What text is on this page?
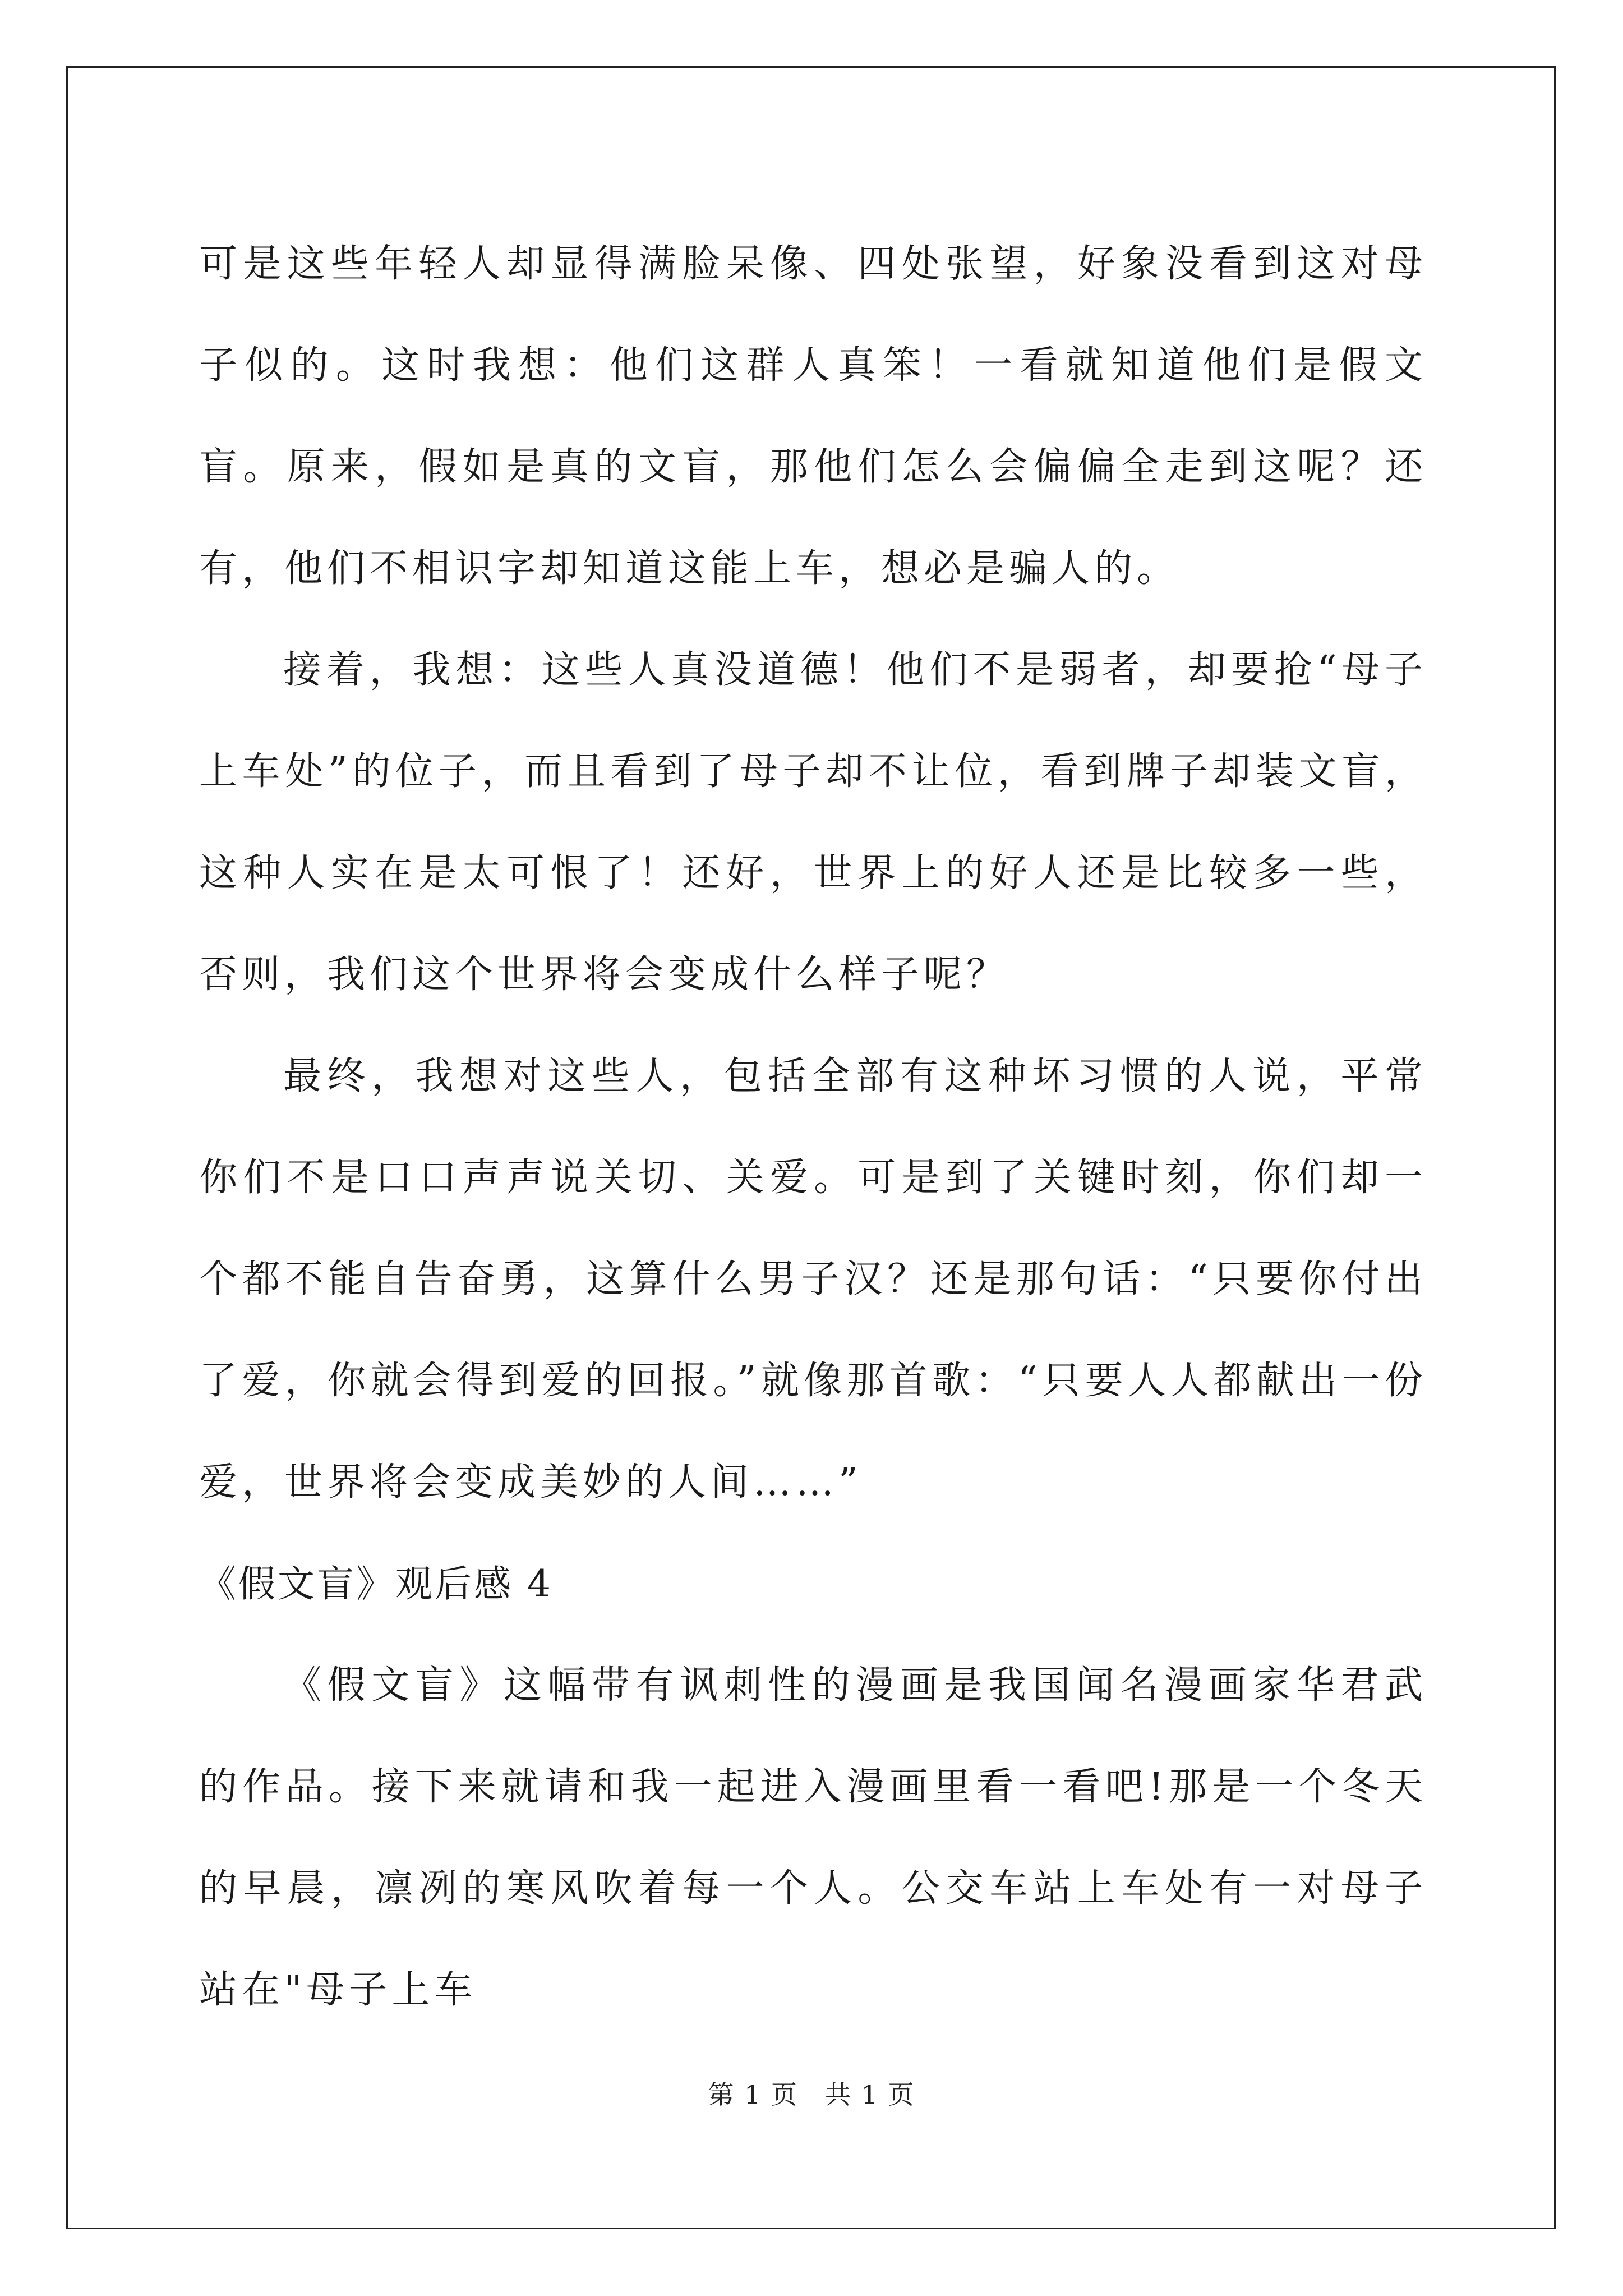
可是这些年轻人却显得满脸呆像、四处张望，好象没看到这对母子似的。这时我想：他们这群人真笨！一看就知道他们是假文盲。原来，假如是真的文盲，那他们怎么会偏偏全走到这呢？还有，他们不相识字却知道这能上车，想必是骗人的。

接着，我想：这些人真没道德！他们不是弱者，却要抢“母子上车处”的位子，而且看到了母子却不让位，看到牌子却装文盲，这种人实在是太可恨了！还好，世界上的好人还是比较多一些，否则，我们这个世界将会变成什么样子呢？

最终，我想对这些人，包括全部有这种坏习惯的人说，平常你们不是口口声声说关切、关爱。可是到了关键时刻，你们却一个都不能自告奋勇，这算什么男子汉？还是那句话：“只要你付出了爱，你就会得到爱的回报。”就像那首歌：“只要人人都献出一份爱，世界将会变成美妙的人间……”

《假文盲》观后感 4

《假文盲》这幅带有讽刺性的漫画是我国闻名漫画家华君武的作品。接下来就请和我一起进入漫画里看一看吧!那是一个冬天的早晨，凛冽的寒风吹着每一个人。公交车站上车处有一对母子站在"母子上车

第 1 页　共 1 页
